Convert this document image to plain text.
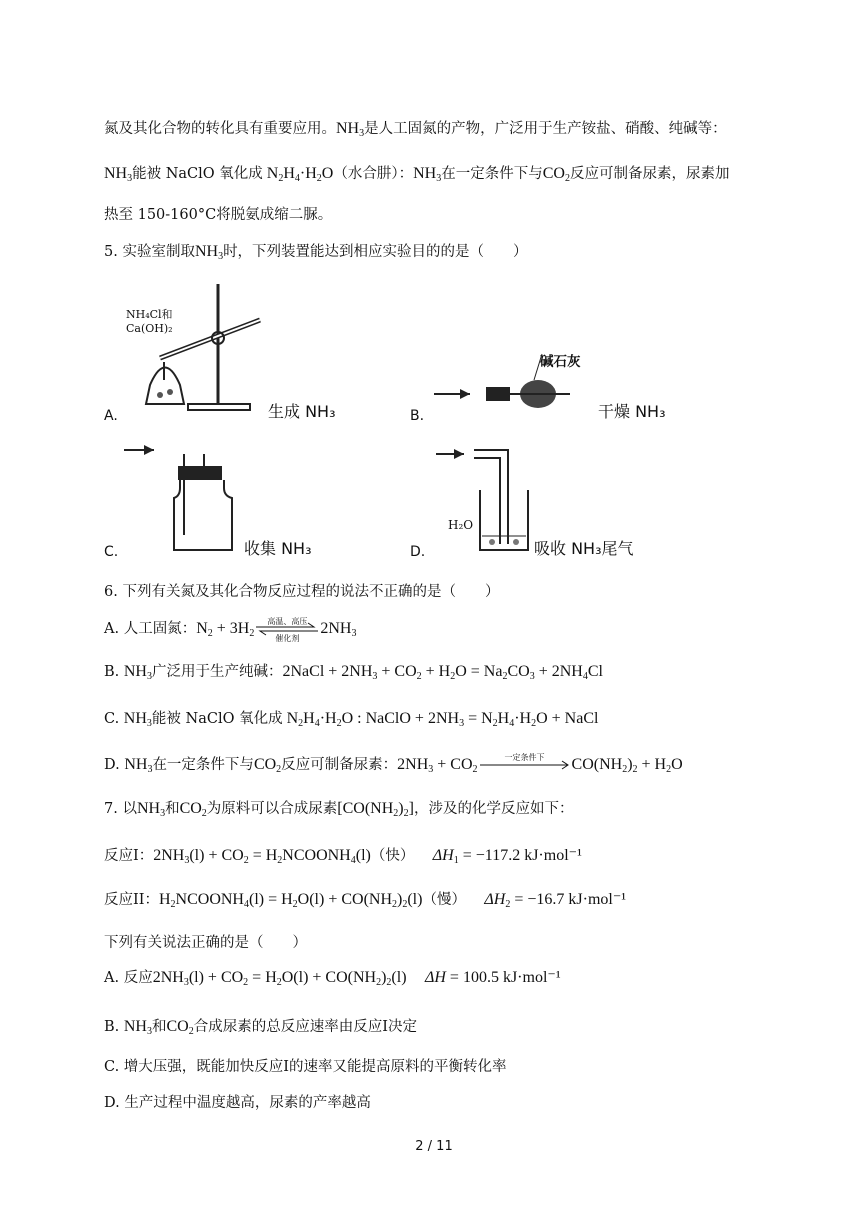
氮及其化合物的转化具有重要应用。$NH_3$是人工固氮的产物，广泛用于生产铵盐、硝酸、纯碱等：
$NH_3$能被 NaClO 氧化成 $N_2H_4\cdot H_2O$（水合肼）：$NH_3$在一定条件下与$CO_2$反应可制备尿素，尿素加
热至 150-160°C将脱氨成缩二脲。
5. 实验室制取$NH_3$时，下列装置能达到相应实验目的的是（　　）
NH₄Cl和
Ca(OH)₂
A.	生成 NH₃
碱石灰
B.	干燥 NH₃
C.	收集 NH₃
H₂O
D.	吸收 NH₃尾气
6. 下列有关氮及其化合物反应过程的说法不正确的是（　　）
A. 人工固氮：$N_2 + 3H_2$
高温、高压
催化剂
$2NH_3$
B. $NH_3$广泛用于生产纯碱：2NaCl + $2NH_3 + CO_2 + H_2O = Na_2CO_3 + 2NH_4Cl$
C. $NH_3$能被 NaClO 氧化成 $N_2H_4\cdot H_2O$ : NaClO + $2NH_3 = N_2H_4\cdot H_2O$ + NaCl
D. $NH_3$在一定条件下与$CO_2$反应可制备尿素：$2NH_3 + CO_2$
一定条件下	$CO(NH_2)_2 + H_2O$
7. 以$NH_3$和$CO_2$为原料可以合成尿素$[CO(NH_2)_2]$，涉及的化学反应如下：
反应I：$2NH_3(l) + CO_2$ = $H_2NCOONH_4(l)$（快） $\Delta H_1 = -117.2$ kJ·mol⁻¹
反应II：$H_2NCOONH_4(l) = H_2O(l) + CO(NH_2)_2(l)$（慢） $\Delta H_2 = -16.7$ kJ·mol⁻¹
下列有关说法正确的是（　　）
A. 反应$2NH_3(l) + CO_2 = H_2O(l) + CO(NH_2)_2(l) \Delta H = 100.5$ kJ·mol⁻¹
B. $NH_3$和$CO_2$合成尿素的总反应速率由反应I决定
C. 增大压强，既能加快反应I的速率又能提高原料的平衡转化率
D. 生产过程中温度越高，尿素的产率越高
2 / 11
